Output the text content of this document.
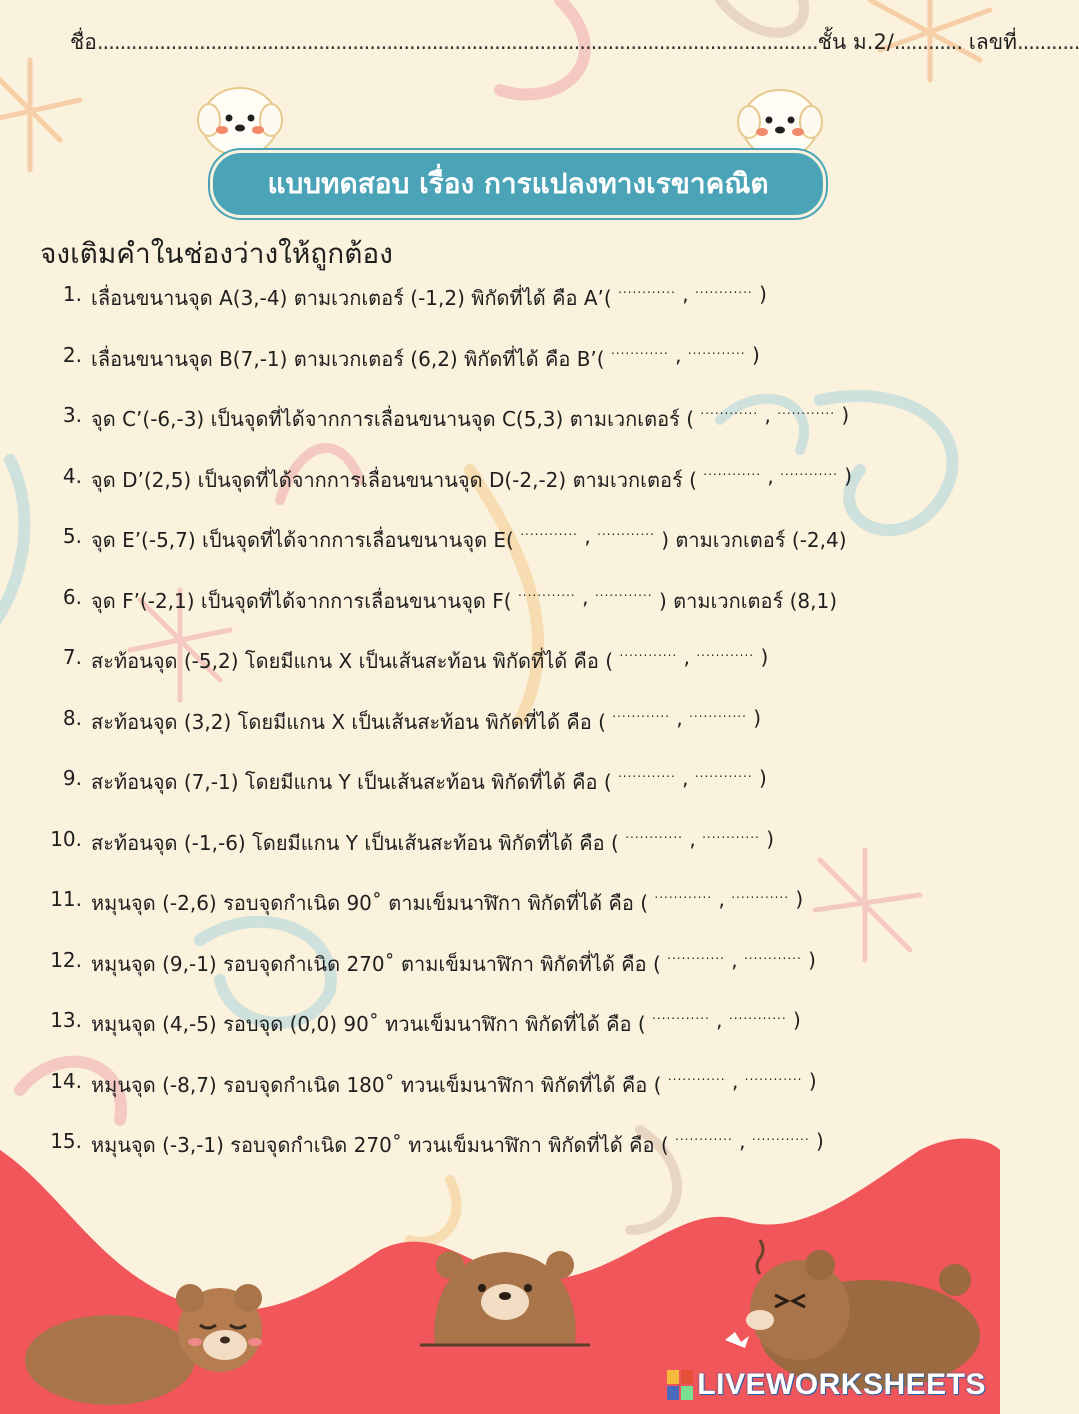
ชื่อ...............................................................................................................................ชั้น ม.2/............ เลขที่...........
แบบทดสอบ เรื่อง การแปลงทางเรขาคณิต
จงเติมคำในช่องว่างให้ถูกต้อง
1. เลื่อนขนานจุด A(3,-4) ตามเวกเตอร์ (-1,2) พิกัดที่ได้ คือ A’(
............
,
............
)
2. เลื่อนขนานจุด B(7,-1) ตามเวกเตอร์ (6,2) พิกัดที่ได้ คือ B’(
............
,
............
)
3. จุด C’(-6,-3) เป็นจุดที่ได้จากการเลื่อนขนานจุด C(5,3) ตามเวกเตอร์ (
............
,
............
)
4. จุด D’(2,5) เป็นจุดที่ได้จากการเลื่อนขนานจุด D(-2,-2) ตามเวกเตอร์ (
............
,
............
)
5. จุด E’(-5,7) เป็นจุดที่ได้จากการเลื่อนขนานจุด E(
............
,
............
) ตามเวกเตอร์ (-2,4)
6. จุด F’(-2,1) เป็นจุดที่ได้จากการเลื่อนขนานจุด F(
............
,
............
) ตามเวกเตอร์ (8,1)
7. สะท้อนจุด (-5,2) โดยมีแกน X เป็นเส้นสะท้อน พิกัดที่ได้ คือ (
............
,
............
)
8. สะท้อนจุด (3,2) โดยมีแกน X เป็นเส้นสะท้อน พิกัดที่ได้ คือ (
............
,
............
)
9. สะท้อนจุด (7,-1) โดยมีแกน Y เป็นเส้นสะท้อน พิกัดที่ได้ คือ (
............
,
............
)
10. สะท้อนจุด (-1,-6) โดยมีแกน Y เป็นเส้นสะท้อน พิกัดที่ได้ คือ (
............
,
............
)
11. หมุนจุด (-2,6) รอบจุดกำเนิด 90˚ ตามเข็มนาฬิกา พิกัดที่ได้ คือ (
............
,
............
)
12. หมุนจุด (9,-1) รอบจุดกำเนิด 270˚ ตามเข็มนาฬิกา พิกัดที่ได้ คือ (
............
,
............
)
13. หมุนจุด (4,-5) รอบจุด (0,0) 90˚ ทวนเข็มนาฬิกา พิกัดที่ได้ คือ (
............
,
............
)
14. หมุนจุด (-8,7) รอบจุดกำเนิด 180˚ ทวนเข็มนาฬิกา พิกัดที่ได้ คือ (
............
,
............
)
15. หมุนจุด (-3,-1) รอบจุดกำเนิด 270˚ ทวนเข็มนาฬิกา พิกัดที่ได้ คือ (
............
,
............
)
LIVEWORKSHEETS
